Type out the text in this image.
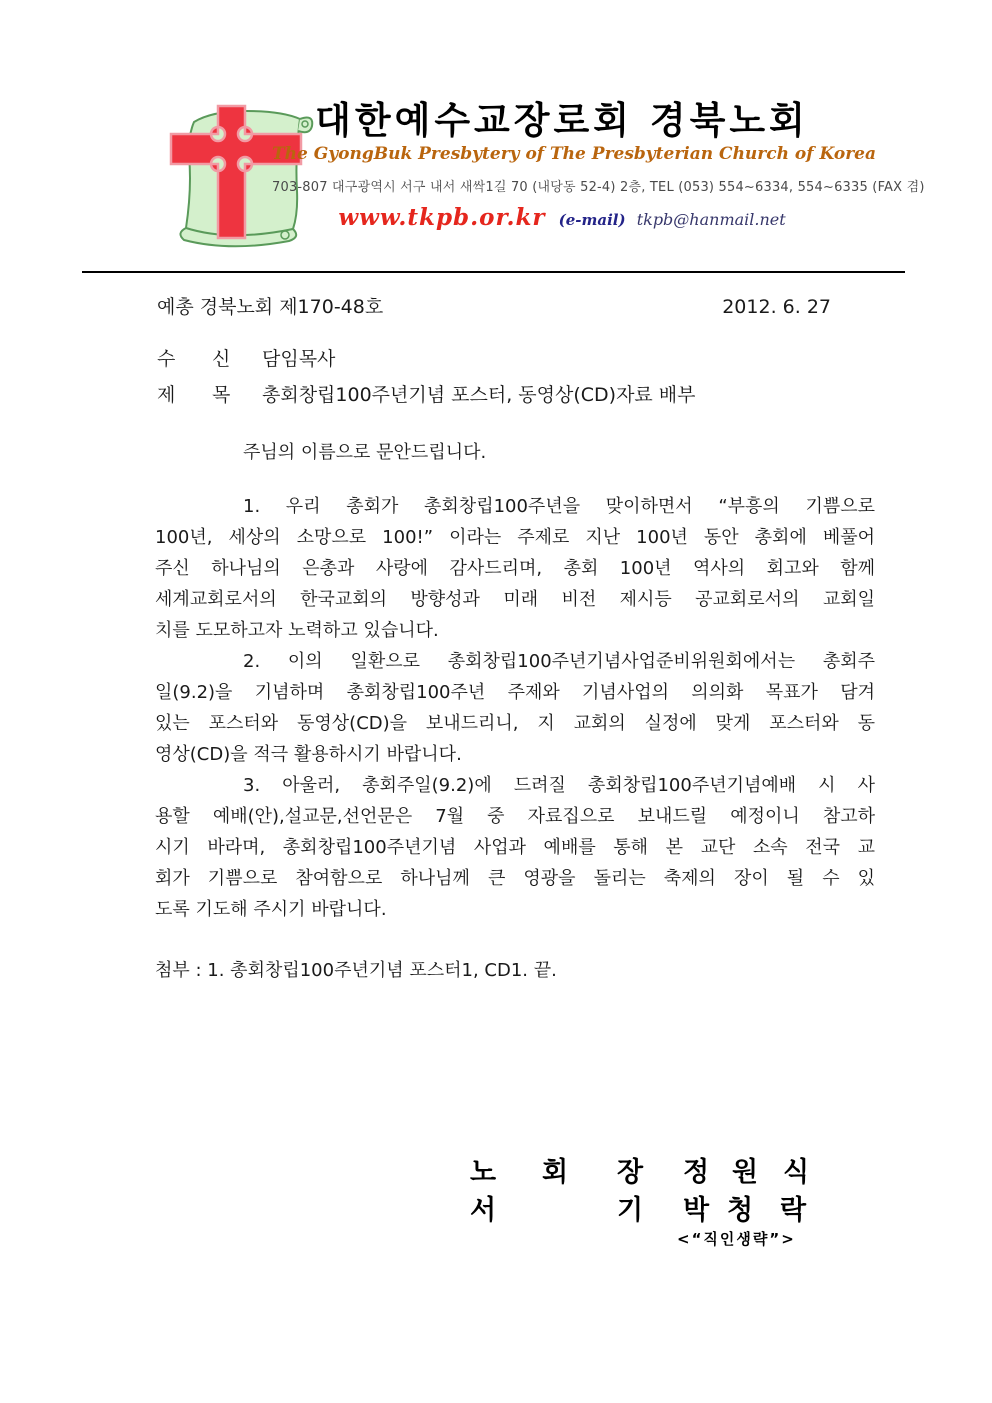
대한예수교장로회 경북노회
The GyongBuk Presbytery of The Presbyterian Church of Korea
703-807 대구광역시 서구 내서 새싹1길 70 (내당동 52-4) 2층, TEL (053) 554~6334, 554~6335 (FAX 겸)
www.tkpb.or.kr (e-mail) tkpb@hanmail.net
예총 경북노회 제170-48호	2012. 6. 27
수 신 담임목사
제 목 총회창립100주년기념 포스터, 동영상(CD)자료 배부
주님의 이름으로 문안드립니다.
1. 우리 총회가 총회창립100주년을 맞이하면서 “부흥의 기쁨으로
100년, 세상의 소망으로 100!” 이라는 주제로 지난 100년 동안 총회에 베풀어
주신 하나님의 은총과 사랑에 감사드리며, 총회 100년 역사의 회고와 함께
세계교회로서의 한국교회의 방향성과 미래 비전 제시등 공교회로서의 교회일
치를 도모하고자 노력하고 있습니다.
2. 이의 일환으로 총회창립100주년기념사업준비위원회에서는 총회주
일(9.2)을 기념하며 총회창립100주년 주제와 기념사업의 의의화 목표가 담겨
있는 포스터와 동영상(CD)을 보내드리니, 지 교회의 실정에 맞게 포스터와 동
영상(CD)을 적극 활용하시기 바랍니다.
3. 아울러, 총회주일(9.2)에 드려질 총회창립100주년기념예배 시 사
용할 예배(안),설교문,선언문은 7월 중 자료집으로 보내드릴 예정이니 참고하
시기 바라며, 총회창립100주년기념 사업과 예배를 통해 본 교단 소속 전국 교
회가 기쁨으로 참여함으로 하나님께 큰 영광을 돌리는 축제의 장이 될 수 있
도록 기도해 주시기 바랍니다.
첨부 : 1. 총회창립100주년기념 포스터1, CD1. 끝.
<“직인생략”>
노 회 장 정 원 식
서	기 박 청 락
